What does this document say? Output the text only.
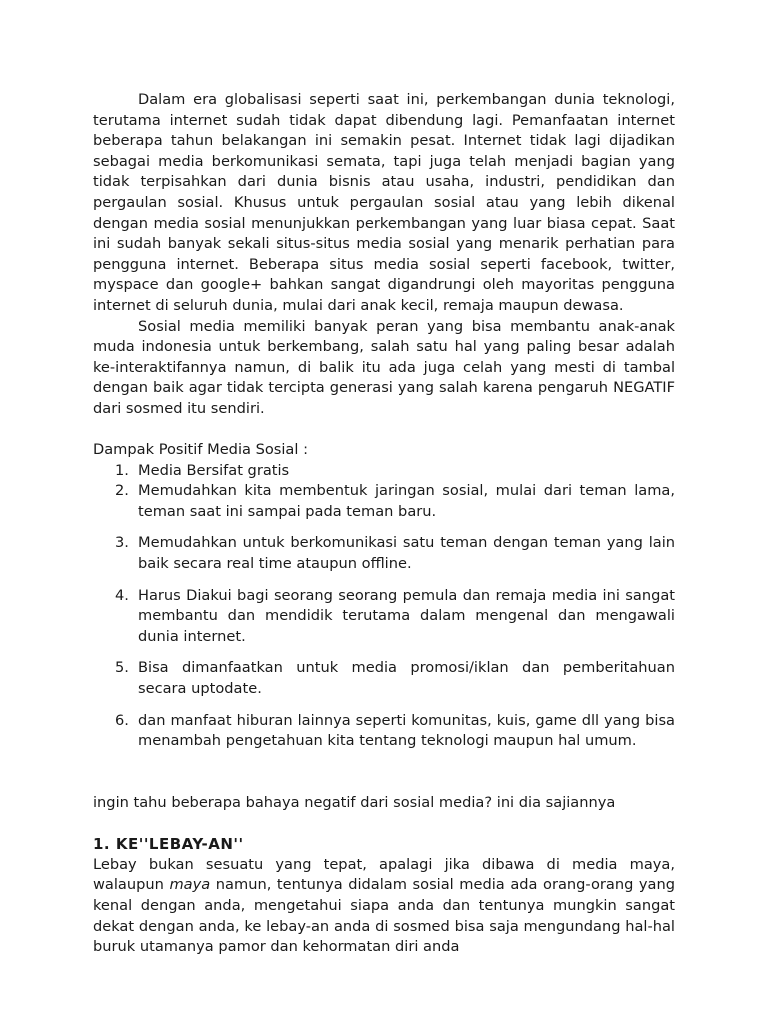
Dalam era globalisasi seperti saat ini, perkembangan dunia teknologi, terutama internet sudah tidak dapat dibendung lagi. Pemanfaatan internet beberapa tahun belakangan ini semakin pesat. Internet tidak lagi dijadikan sebagai media berkomunikasi semata, tapi juga telah menjadi bagian yang tidak terpisahkan dari dunia bisnis atau usaha, industri, pendidikan dan pergaulan sosial. Khusus untuk pergaulan sosial atau yang lebih dikenal dengan media sosial menunjukkan perkembangan yang luar biasa cepat. Saat ini sudah banyak sekali situs-situs media sosial yang menarik perhatian para pengguna internet. Beberapa situs media sosial seperti facebook, twitter, myspace dan google+ bahkan sangat digandrungi oleh mayoritas pengguna internet di seluruh dunia, mulai dari anak kecil, remaja maupun dewasa.

Sosial media memiliki banyak peran yang bisa membantu anak-anak muda indonesia untuk berkembang, salah satu hal yang paling besar adalah ke-interaktifannya namun, di balik itu ada juga celah yang mesti di tambal dengan baik agar tidak tercipta generasi yang salah karena pengaruh NEGATIF dari sosmed itu sendiri.

Dampak Positif Media Sosial :

1. Media Bersifat gratis
2. Memudahkan kita membentuk jaringan sosial, mulai dari teman lama, teman saat ini sampai pada teman baru.
3. Memudahkan untuk berkomunikasi satu teman dengan teman yang lain baik secara real time ataupun offline.
4. Harus Diakui bagi seorang seorang pemula dan remaja media ini sangat membantu dan mendidik terutama dalam mengenal dan mengawali dunia internet.
5. Bisa dimanfaatkan untuk media promosi/iklan dan pemberitahuan secara uptodate.
6. dan manfaat hiburan lainnya seperti komunitas, kuis, game dll yang bisa menambah pengetahuan kita tentang teknologi maupun hal umum.

ingin tahu beberapa bahaya negatif dari sosial media? ini dia sajiannya

1. KE''LEBAY-AN''

Lebay bukan sesuatu yang tepat, apalagi jika dibawa di media maya, walaupun maya namun, tentunya didalam sosial media ada orang-orang yang kenal dengan anda, mengetahui siapa anda dan tentunya mungkin sangat dekat dengan anda, ke lebay-an anda di sosmed bisa saja mengundang hal-hal buruk utamanya pamor dan kehormatan diri anda
